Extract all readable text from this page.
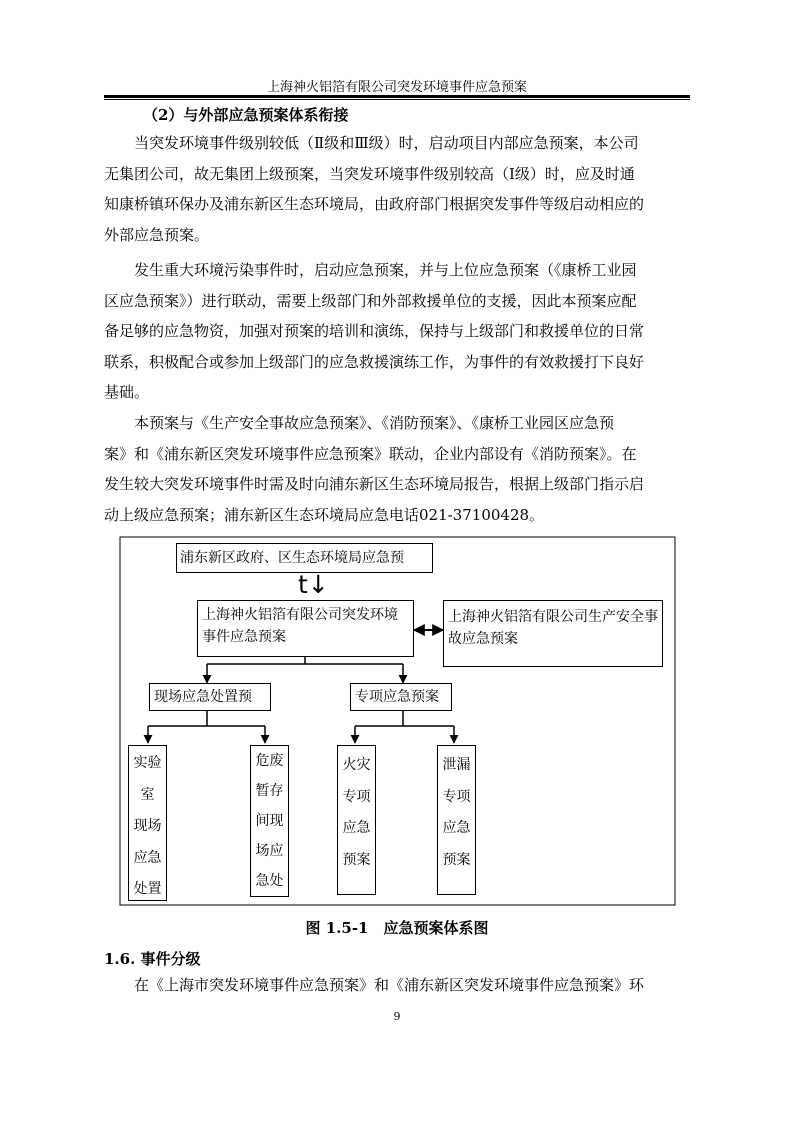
上海神火铝箔有限公司突发环境事件应急预案
（2）与外部应急预案体系衔接
当突发环境事件级别较低（Ⅱ级和Ⅲ级）时，启动项目内部应急预案，本公司
无集团公司，故无集团上级预案，当突发环境事件级别较高（Ⅰ级）时，应及时通
知康桥镇环保办及浦东新区生态环境局，由政府部门根据突发事件等级启动相应的
外部应急预案。
发生重大环境污染事件时，启动应急预案，并与上位应急预案（《康桥工业园
区应急预案》）进行联动，需要上级部门和外部救援单位的支援，因此本预案应配
备足够的应急物资，加强对预案的培训和演练，保持与上级部门和救援单位的日常
联系，积极配合或参加上级部门的应急救援演练工作，为事件的有效救援打下良好
基础。
本预案与《生产安全事故应急预案》、《消防预案》、《康桥工业园区应急预
案》和《浦东新区突发环境事件应急预案》联动，企业内部设有《消防预案》。在
发生较大突发环境事件时需及时向浦东新区生态环境局报告，根据上级部门指示启
动上级应急预案；浦东新区生态环境局应急电话021-37100428。
浦东新区政府、区生态环境局应急预
t↓
上海神火铝箔有限公司突发环境事件应急预案
上海神火铝箔有限公司生产安全事故应急预案
现场应急处置预	专项应急预案
实验
室
现场
应急
处置
危废
暂存
间现
场应
急处
火灾
专项
应急
预案
泄漏
专项
应急
预案
图 1.5-1　应急预案体系图
1.6. 事件分级
在《上海市突发环境事件应急预案》和《浦东新区突发环境事件应急预案》环
9
